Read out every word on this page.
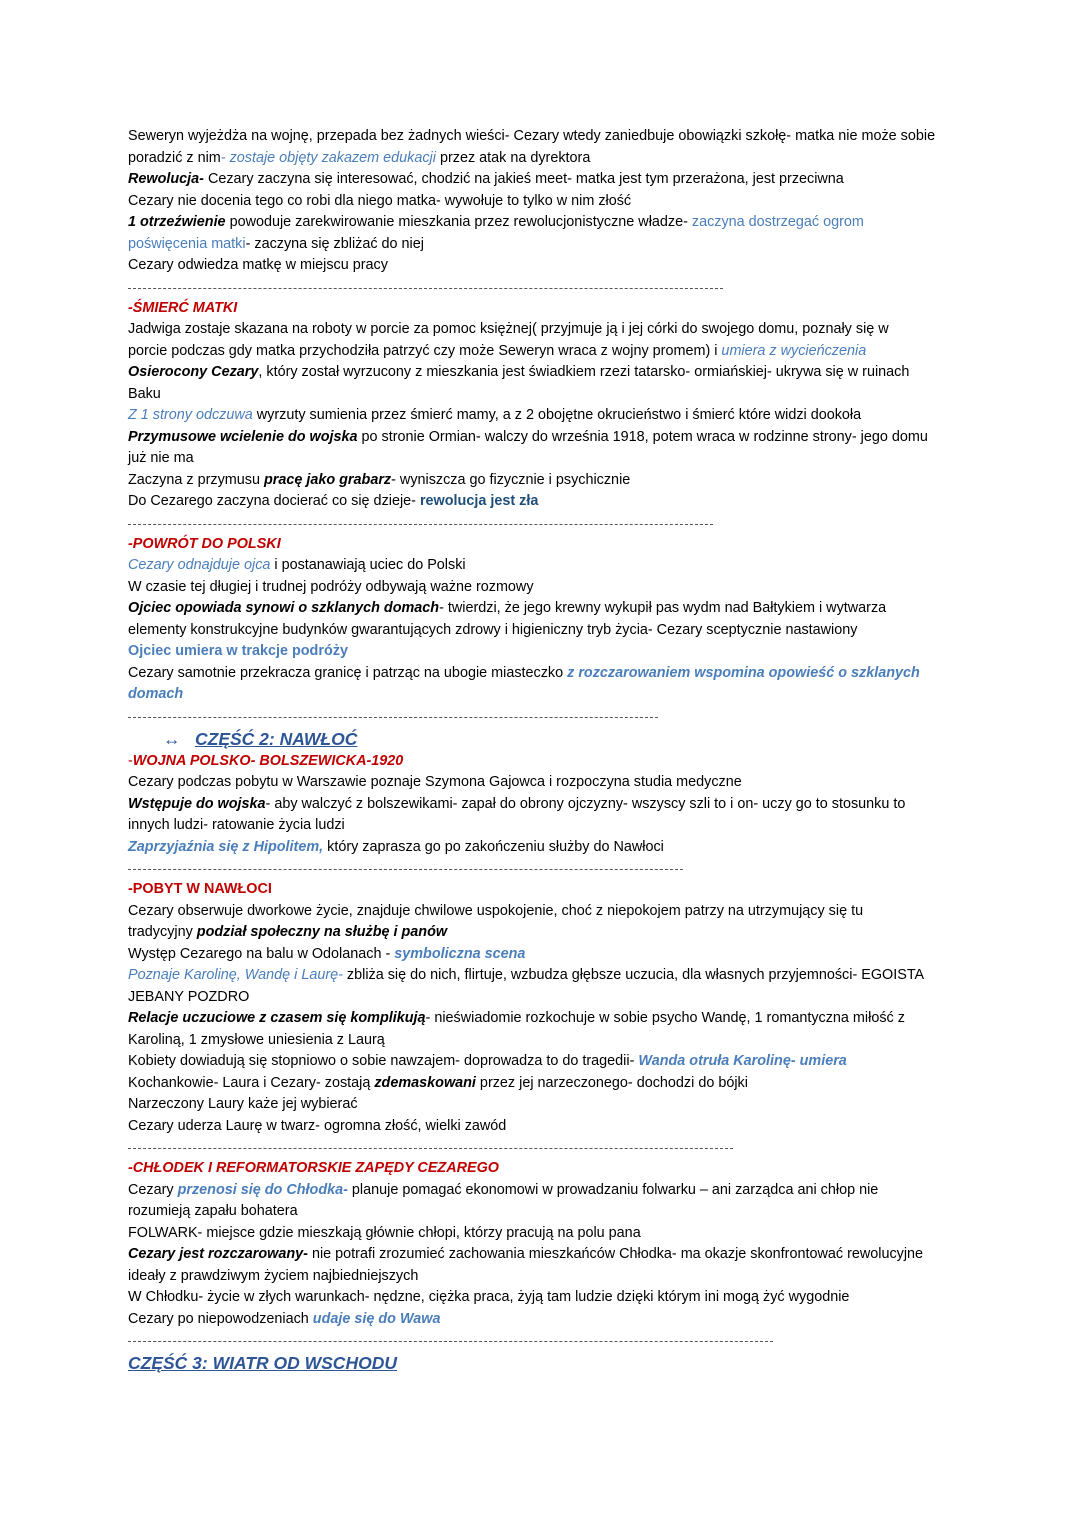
Seweryn wyjeżdża na wojnę, przepada bez żadnych wieści- Cezary wtedy zaniedbuje obowiązki szkołę- matka nie może sobie
poradzić z nim- zostaje objęty zakazem edukacji przez atak na dyrektora
Rewolucja- Cezary zaczyna się interesować, chodzić na jakieś meet- matka jest tym przerażona, jest przeciwna
Cezary nie docenia tego co robi dla niego matka- wywołuje to tylko w nim złość
1 otrzeźwienie powoduje zarekwirowanie mieszkania przez rewolucjonistyczne władze- zaczyna dostrzegać ogrom
poświęcenia matki- zaczyna się zbliżać do niej
Cezary odwiedza matkę w miejscu pracy
-ŚMIERĆ MATKI
Jadwiga zostaje skazana na roboty w porcie za pomoc księżnej( przyjmuje ją i jej córki do swojego domu, poznały się w
porcie podczas gdy matka przychodziła patrzyć czy może Seweryn wraca z wojny promem) i umiera z wycieńczenia
Osierocony Cezary, który został wyrzucony z mieszkania jest świadkiem rzezi tatarsko- ormiańskiej- ukrywa się w ruinach
Baku
Z 1 strony odczuwa wyrzuty sumienia przez śmierć mamy, a z 2 obojętne okrucieństwo i śmierć które widzi dookoła
Przymusowe wcielenie do wojska po stronie Ormian- walczy do września 1918, potem wraca w rodzinne strony- jego domu
już nie ma
Zaczyna z przymusu pracę jako grabarz- wyniszcza go fizycznie i psychicznie
Do Cezarego zaczyna docierać co się dzieje- rewolucja jest zła
-POWRÓT DO POLSKI
Cezary odnajduje ojca i postanawiają uciec do Polski
W czasie tej długiej i trudnej podróży odbywają ważne rozmowy
Ojciec opowiada synowi o szklanych domach- twierdzi, że jego krewny wykupił pas wydm nad Bałtykiem i wytwarza
elementy konstrukcyjne budynków gwarantujących zdrowy i higieniczny tryb życia- Cezary sceptycznie nastawiony
Ojciec umiera w trakcje podróży
Cezary samotnie przekracza granicę i patrząc na ubogie miasteczko z rozczarowaniem wspomina opowieść o szklanych
domach
↔ CZĘŚĆ 2: NAWŁOĆ
-WOJNA POLSKO- BOLSZEWICKA-1920
Cezary podczas pobytu w Warszawie poznaje Szymona Gajowca i rozpoczyna studia medyczne
Wstępuje do wojska- aby walczyć z bolszewikami- zapał do obrony ojczyzny- wszyscy szli to i on- uczy go to stosunku to
innych ludzi- ratowanie życia ludzi
Zaprzyjaźnia się z Hipolitem, który zaprasza go po zakończeniu służby do Nawłoci
-POBYT W NAWŁOCI
Cezary obserwuje dworkowe życie, znajduje chwilowe uspokojenie, choć z niepokojem patrzy na utrzymujący się tu
tradycyjny podział społeczny na służbę i panów
Występ Cezarego na balu w Odolanach - symboliczna scena
Poznaje Karolinę, Wandę i Laurę- zbliża się do nich, flirtuje, wzbudza głębsze uczucia, dla własnych przyjemności- EGOISTA
JEBANY POZDRO
Relacje uczuciowe z czasem się komplikują- nieświadomie rozkochuje w sobie psycho Wandę, 1 romantyczna miłość z
Karoliną, 1 zmysłowe uniesienia z Laurą
Kobiety dowiadują się stopniowo o sobie nawzajem- doprowadza to do tragedii- Wanda otruła Karolinę- umiera
Kochankowie- Laura i Cezary- zostają zdemaskowani przez jej narzeczonego- dochodzi do bójki
Narzeczony Laury każe jej wybierać
Cezary uderza Laurę w twarz- ogromna złość, wielki zawód
-CHŁODEK I REFORMATORSKIE ZAPĘDY CEZAREGO
Cezary przenosi się do Chłodka- planuje pomagać ekonomowi w prowadzaniu folwarku – ani zarządca ani chłop nie
rozumieją zapału bohatera
FOLWARK- miejsce gdzie mieszkają głównie chłopi, którzy pracują na polu pana
Cezary jest rozczarowany- nie potrafi zrozumieć zachowania mieszkańców Chłodka- ma okazje skonfrontować rewolucyjne
ideały z prawdziwym życiem najbiedniejszych
W Chłodku- życie w złych warunkach- nędzne, ciężka praca, żyją tam ludzie dzięki którym ini mogą żyć wygodnie
Cezary po niepowodzeniach udaje się do Wawa
CZĘŚĆ 3: WIATR OD WSCHODU
